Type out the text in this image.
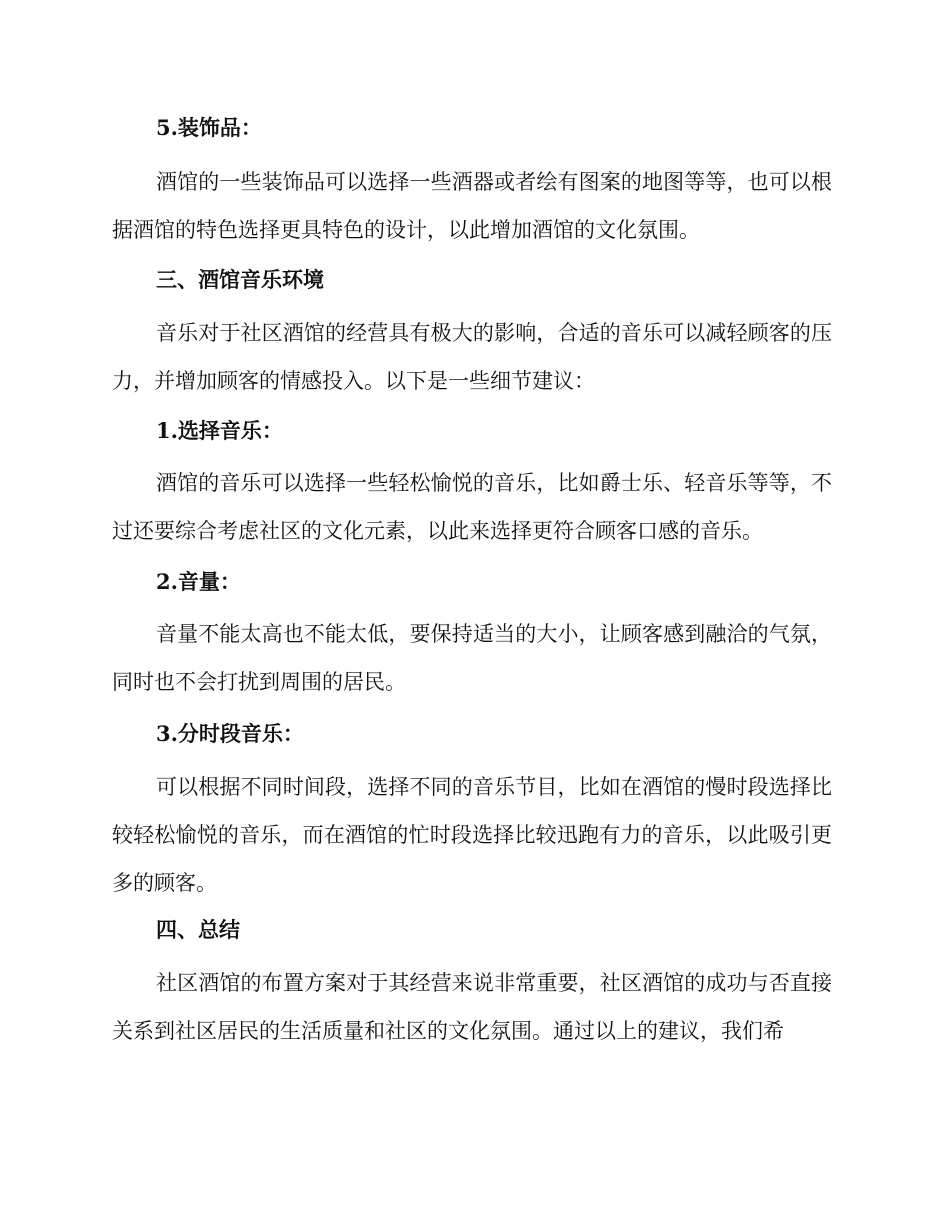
5.装饰品：

酒馆的一些装饰品可以选择一些酒器或者绘有图案的地图等等，也可以根据酒馆的特色选择更具特色的设计，以此增加酒馆的文化氛围。

三、酒馆音乐环境

音乐对于社区酒馆的经营具有极大的影响，合适的音乐可以减轻顾客的压力，并增加顾客的情感投入。以下是一些细节建议：

1.选择音乐：

酒馆的音乐可以选择一些轻松愉悦的音乐，比如爵士乐、轻音乐等等，不过还要综合考虑社区的文化元素，以此来选择更符合顾客口感的音乐。

2.音量：

音量不能太高也不能太低，要保持适当的大小，让顾客感到融洽的气氛，同时也不会打扰到周围的居民。

3.分时段音乐：

可以根据不同时间段，选择不同的音乐节目，比如在酒馆的慢时段选择比较轻松愉悦的音乐，而在酒馆的忙时段选择比较迅跑有力的音乐，以此吸引更多的顾客。

四、总结

社区酒馆的布置方案对于其经营来说非常重要，社区酒馆的成功与否直接关系到社区居民的生活质量和社区的文化氛围。通过以上的建议，我们希
